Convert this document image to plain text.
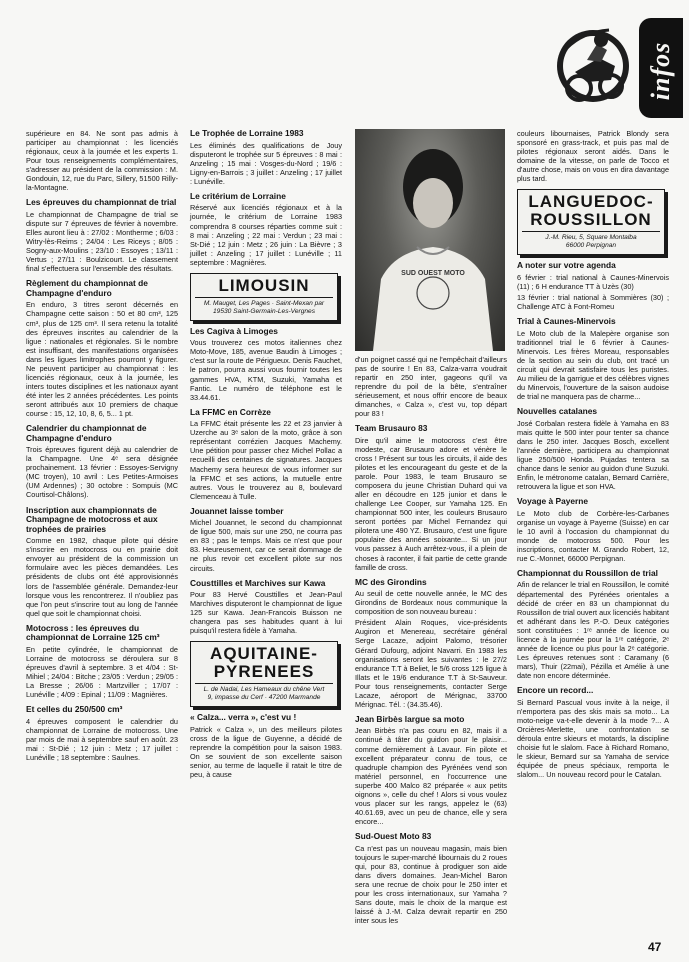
infos

supérieure en 84. Ne sont pas admis à participer au championnat : les licenciés régionaux, ceux à la journée et les experts 1. Pour tous renseignements complémentaires, s'adresser au président de la commission : M. Gondouin, 12, rue du Parc, Sillery, 51500 Rilly-la-Montagne.

Les épreuves du championnat de trial

Le championnat de Champagne de trial se dispute sur 7 épreuves de février à novembre. Elles auront lieu à : 27/02 : Montherme ; 6/03 : Witry-lès-Reims ; 24/04 : Les Riceys ; 8/05 : Sogny-aux-Moulins ; 23/10 : Essoyes ; 13/11 : Vertus ; 27/11 : Boulzicourt. Le classement final s'effectuera sur l'ensemble des résultats.

Règlement du championnat de Champagne d'enduro

En enduro, 3 titres seront décernés en Champagne cette saison : 50 et 80 cm³, 125 cm³, plus de 125 cm³. Il sera retenu la totalité des épreuves inscrites au calendrier de la ligue : nationales et régionales. Si le nombre est insuffisant, des manifestations organisées dans les ligues limitrophes pourront y figurer. Ne peuvent participer au championnat : les licenciés régionaux, ceux à la journée, les inters toutes disciplines et les nationaux ayant été inter les 2 années précédentes. Les points seront attribués aux 10 premiers de chaque course : 15, 12, 10, 8, 6, 5... 1 pt.

Calendrier du championnat de Champagne d'enduro

Trois épreuves figurent déjà au calendrier de la Champagne. Une 4ᵉ sera désignée prochainement. 13 février : Essoyes-Servigny (MC troyen), 10 avril : Les Petites-Armoises (UM Ardennes) ; 30 octobre : Sompuis (MC Courtisol-Châlons).

Inscription aux championnats de Champagne de motocross et aux trophées de prairies

Comme en 1982, chaque pilote qui désire s'inscrire en motocross ou en prairie doit envoyer au président de la commission un formulaire avec les pièces demandées. Les présidents de clubs ont été approvisionnés lors de l'assemblée générale. Demandez-leur lorsque vous les rencontrerez. Il n'oubliez pas que l'on peut s'inscrire tout au long de l'année quel que soit le championnat choisi.

Motocross : les épreuves du championnat de Lorraine 125 cm³

En petite cylindrée, le championnat de Lorraine de motocross se déroulera sur 8 épreuves d'avril à septembre. 3 et 4/04 : St-Mihiel ; 24/04 : Bitche ; 23/05 : Verdun ; 29/05 : La Bresse ; 26/06 : Martzviller ; 17/07 : Lunéville ; 4/09 : Epinal ; 11/09 : Magnières.

Et celles du 250/500 cm³

4 épreuves composent le calendrier du championnat de Lorraine de motocross. Une par mois de mai à septembre sauf en août. 23 mai : St-Dié ; 12 juin : Metz ; 17 juillet : Lunéville ; 18 septembre : Saulnes.

Le Trophée de Lorraine 1983

Les éliminés des qualifications de Jouy disputeront le trophée sur 5 épreuves : 8 mai : Anzeling ; 15 mai : Vosges-du-Nord ; 19/6 : Ligny-en-Barrois ; 3 juillet : Anzeling ; 17 juillet : Lunéville.

Le critérium de Lorraine

Réservé aux licenciés régionaux et à la journée, le critérium de Lorraine 1983 comprendra 8 courses réparties comme suit : 8 mai : Anzeling ; 22 mai : Verdun ; 23 mai : St-Dié ; 12 juin : Metz ; 26 juin : La Bièvre ; 3 juillet : Anzeling ; 17 juillet : Lunéville ; 11 septembre : Magnières.

LIMOUSIN
M. Mauget, Les Pages · Saint-Mexan par
19530 Saint-Germain-Les-Vergnes
Les Cagiva à Limoges

Vous trouverez ces motos italiennes chez Moto-Move, 185, avenue Baudin à Limoges ; c'est sur la route de Périgueux. Denis Fauchet, le patron, pourra aussi vous fournir toutes les gammes HVA, KTM, Suzuki, Yamaha et Fantic. Le numéro de téléphone est le 33.44.61.

La FFMC en Corrèze

La FFMC était présente les 22 et 23 janvier à Uzerche au 3ᵉ salon de la moto, grâce à son représentant corrézien Jacques Machemy. Une pétition pour passer chez Michel Pollac a recueilli des centaines de signatures. Jacques Machemy sera heureux de vous informer sur la FFMC et ses actions, la mutuelle entre autres. Vous le trouverez au 8, boulevard Clemenceau à Tulle.

Jouannet laisse tomber

Michel Jouannet, le second du championnat de ligue 500, mais sur une 250, ne courra pas en 83 ; pas le temps. Mais ce n'est que pour 83. Heureusement, car ce serait dommage de ne plus revoir cet excellent pilote sur nos circuits.

Cousttilles et Marchives sur Kawa

Pour 83 Hervé Cousttilles et Jean-Paul Marchives disputeront le championnat de ligue 125 sur Kawa. Jean-Francois Buisson ne changera pas ses habitudes quant à lui puisqu'il restera fidèle à Yamaha.

AQUITAINE-
PYRENEES
L. de Nadai, Les Hameaux du chêne Vert
9, impasse du Cerf · 47200 Marmande
« Calza... verra », c'est vu !

Patrick « Calza », un des meilleurs pilotes cross de la ligue de Guyenne, a décidé de reprendre la compétition pour la saison 1983. On se souvient de son excellente saison senior, au terme de laquelle il ratait le titre de peu, à cause

SUD OUEST MOTO

d'un poignet cassé qui ne l'empêchait d'ailleurs pas de sourire ! En 83, Calza-varra voudrait repartir en 250 inter, gageons qu'il va reprendre du poil de la bête, s'entraîner sérieusement, et nous offrir encore de beaux dimanches, « Calza », c'est vu, top départ pour 83 !

Team Brusauro 83

Dire qu'il aime le motocross c'est être modeste, car Brusauro adore et vénère le cross ! Présent sur tous les circuits, il aide des pilotes et les encourageant du geste et de la parole. Pour 1983, le team Brusauro se composera du jeune Christian Duhard qui va aller en découdre en 125 junior et dans le challenge Lee Cooper, sur Yamaha 125. En championnat 500 inter, les couleurs Brusauro seront portées par Michel Fernandez qui pilotera une 490 YZ. Brusauro, c'est une figure populaire des années soixante... Si un jour vous passez à Auch arrêtez-vous, il a plein de choses à raconter, il fait partie de cette grande famille de cross.

MC des Girondins

Au seuil de cette nouvelle année, le MC des Girondins de Bordeaux nous communique la composition de son nouveau bureau :

Président Alain Roques, vice-présidents Augiron et Menereau, secrétaire général Serge Lacaze, adjoint Palomo, trésorier Gérard Dufourg, adjoint Navarri. En 1983 les organisations seront les suivantes : le 27/2 endurance T.T à Beliet, le 5/6 cross 125 ligue à Illats et le 19/6 endurance T.T à St-Sauveur. Pour tous renseignements, contacter Serge Lacaze, aéroport de Mérignac, 33700 Mérignac. Tél. : (34.35.46).

Jean Birbès largue sa moto

Jean Birbès n'a pas couru en 82, mais il a continué à tâter du guidon pour le plaisir... comme dernièrement à Lavaur. Fin pilote et excellent préparateur connu de tous, ce quadruple champion des Pyrénées vend son matériel personnel, en l'occurrence une superbe 400 Malco 82 préparée « aux petits oignons », celle du chef ! Alors si vous voulez vous placer sur les rangs, appelez le (63) 40.61.69, avec un peu de chance, elle y sera encore...

Sud-Ouest Moto 83

Ca n'est pas un nouveau magasin, mais bien toujours le super-marché libournais du 2 roues qui, pour 83, continue à prodiguer son aide dans divers domaines. Jean-Michel Baron sera une recrue de choix pour le 250 inter et pour les cross internationaux, sur Yamaha ? Sans doute, mais le choix de la marque est laissé à J.-M. Calza devrait repartir en 250 inter sous les

couleurs libournaises, Patrick Blondy sera sponsoré en grass-track, et puis pas mal de pilotes régionaux seront aidés. Dans le domaine de la vitesse, on parle de Tocco et d'autre chose, mais on vous en dira davantage plus tard.

LANGUEDOC-
ROUSSILLON
J.-M. Rieu, 5, Square Montalba
66000 Perpignan
A noter sur votre agenda

6 février : trial national à Caunes-Minervois (11) ; 6 H endurance TT à Uzès (30)

13 février : trial national à Sommières (30) ; Challenge ATC à Font-Romeu

Trial à Caunes-Minervois

Le Moto club de la Malepère organise son traditionnel trial le 6 février à Caunes-Minervois. Les frères Moreau, responsables de la section au sein du club, ont tracé un circuit qui devrait satisfaire tous les puristes. Au milieu de la garrigue et des célèbres vignes du Minervois, l'ouverture de la saison audoise de trial ne manquera pas de charme...

Nouvelles catalanes

José Corbalan restera fidèle à Yamaha en 83 mais quitte le 500 inter pour tenter sa chance dans le 250 inter. Jacques Bosch, excellent l'année dernière, participera au championnat ligue 250/500 Honda. Pujadas tentera sa chance dans le senior au guidon d'une Suzuki. Enfin, le métronome catalan, Bernard Carrière, retrouvera la ligue et son HVA.

Voyage à Payerne

Le Moto club de Corbère-les-Carbanes organise un voyage à Payerne (Suisse) en car le 10 avril à l'occasion du championnat du monde de motocross 500. Pour les inscriptions, contacter M. Grando Robert, 12, rue C.-Monnet, 66000 Perpignan.

Championnat du Roussillon de trial

Afin de relancer le trial en Roussillon, le comité départemental des Pyrénées orientales a décidé de créer en 83 un championnat du Roussillon de trial ouvert aux licenciés habitant et adhérant dans les P.-O. Deux catégories sont constituées : 1ʳᵉ année de licence ou licence à la journée pour la 1ʳᵉ catégorie, 2ᵉ année de licence ou plus pour la 2ᵉ catégorie. Les épreuves retenues sont : Caramany (6 mars), Thuir (22mai), Pézilla et Amélie à une date non encore déterminée.

Encore un record...

Si Bernard Pascual vous invite à la neige, il n'emportera pas des skis mais sa moto... La moto-neige va-t-elle devenir à la mode ?... A Orcières-Merlette, une confrontation se déroula entre skieurs et motards, la discipline choisie fut le slalom. Face à Richard Romano, le skieur, Bernard sur sa Yamaha de service équipée de pneus spéciaux, remporta le slalom... Un nouveau record pour le Catalan.

47
